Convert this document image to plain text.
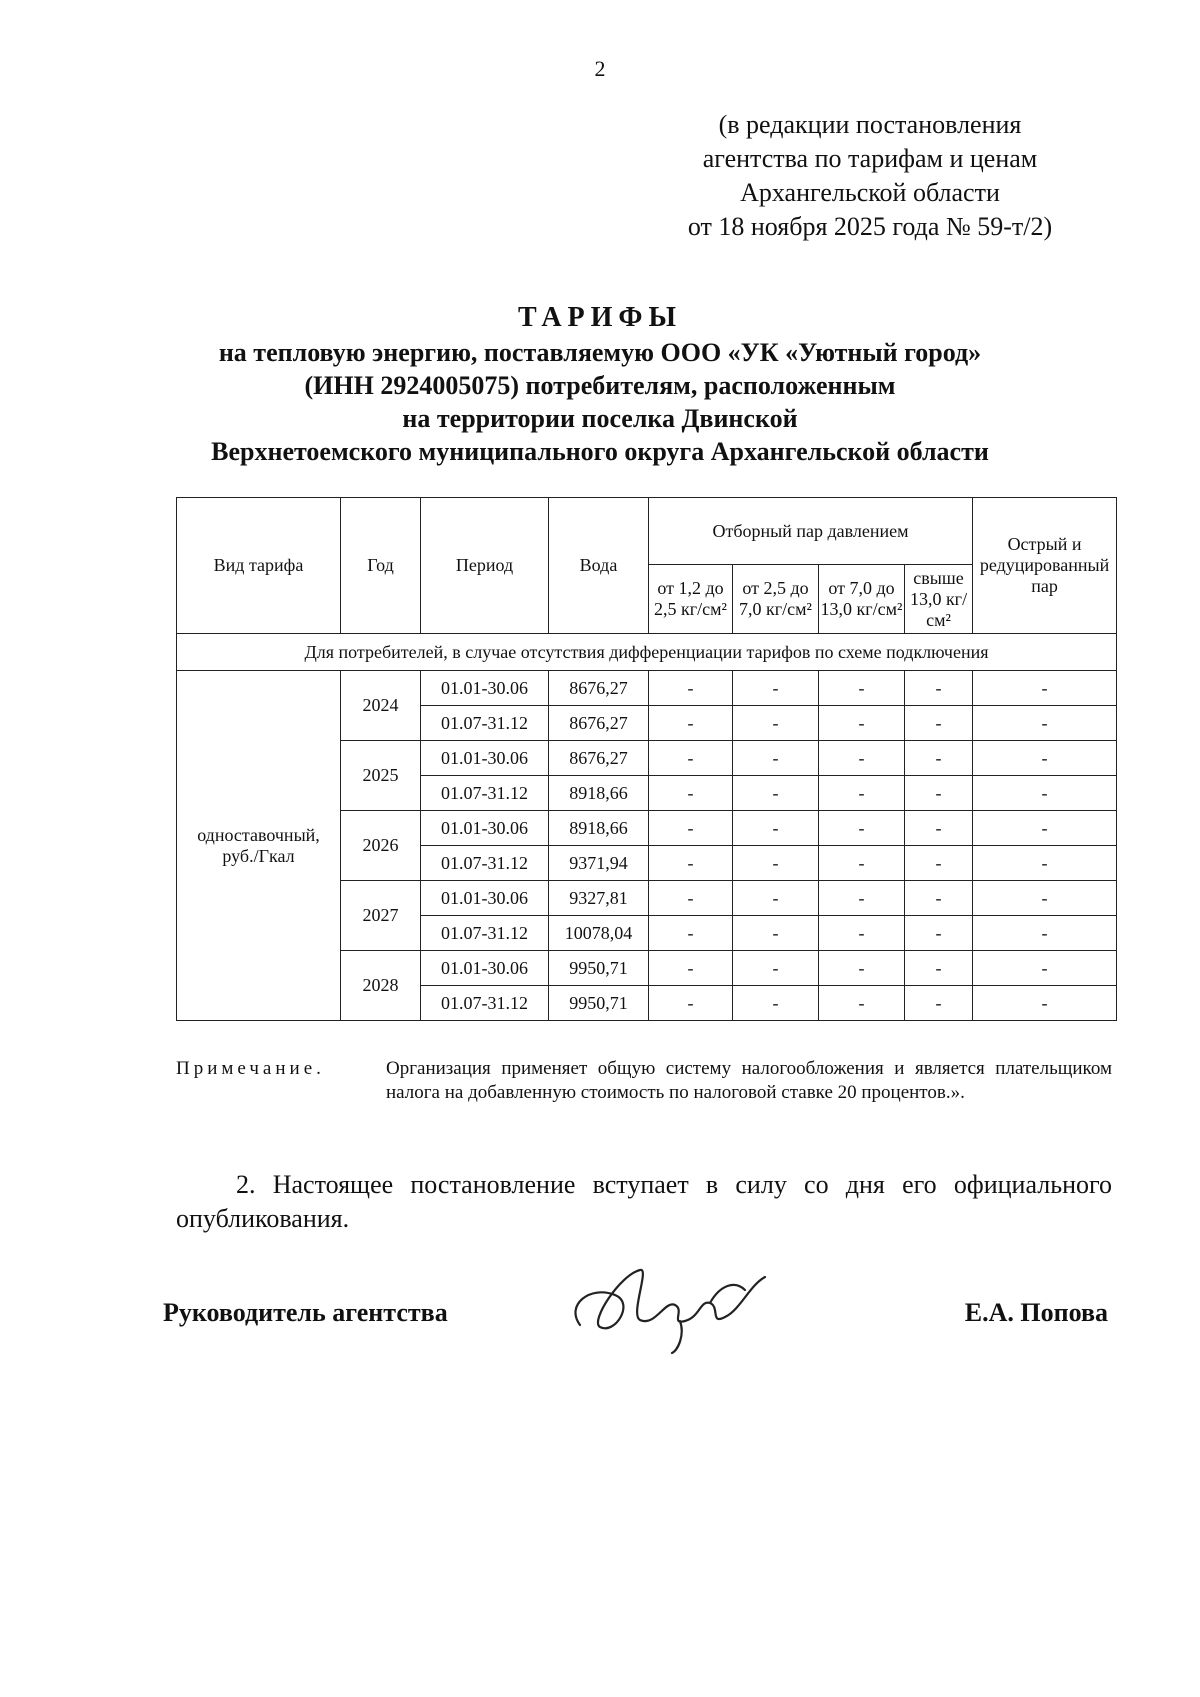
2
(в редакции постановления
агентства по тарифам и ценам
Архангельской области
от 18 ноября 2025 года № 59-т/2)
ТАРИФЫ
на тепловую энергию, поставляемую ООО «УК «Уютный город»
(ИНН 2924005075) потребителям, расположенным
на территории поселка Двинской
Верхнетоемского муниципального округа Архангельской области
Вид тарифа	Год	Период	Вода	Отборный пар давлением				Острый и редуцированный пар
				от 1,2 до 2,5 кг/см²	от 2,5 до 7,0 кг/см²	от 7,0 до 13,0 кг/см²	свыше 13,0 кг/см²	
Для потребителей, в случае отсутствия дифференциации тарифов по схеме подключения								
одноставочный, руб./Гкал	2024	01.01-30.06	8676,27	-	-	-	-	-
		01.07-31.12	8676,27	-	-	-	-	-
	2025	01.01-30.06	8676,27	-	-	-	-	-
		01.07-31.12	8918,66	-	-	-	-	-
	2026	01.01-30.06	8918,66	-	-	-	-	-
		01.07-31.12	9371,94	-	-	-	-	-
	2027	01.01-30.06	9327,81	-	-	-	-	-
		01.07-31.12	10078,04	-	-	-	-	-
	2028	01.01-30.06	9950,71	-	-	-	-	-
		01.07-31.12	9950,71	-	-	-	-	-
Примечание.	Организация применяет общую систему налогообложения и является плательщиком налога на добавленную стоимость по налоговой ставке 20 процентов.».
2. Настоящее постановление вступает в силу со дня его официального опубликования.
Руководитель агентства	Е.А. Попова
